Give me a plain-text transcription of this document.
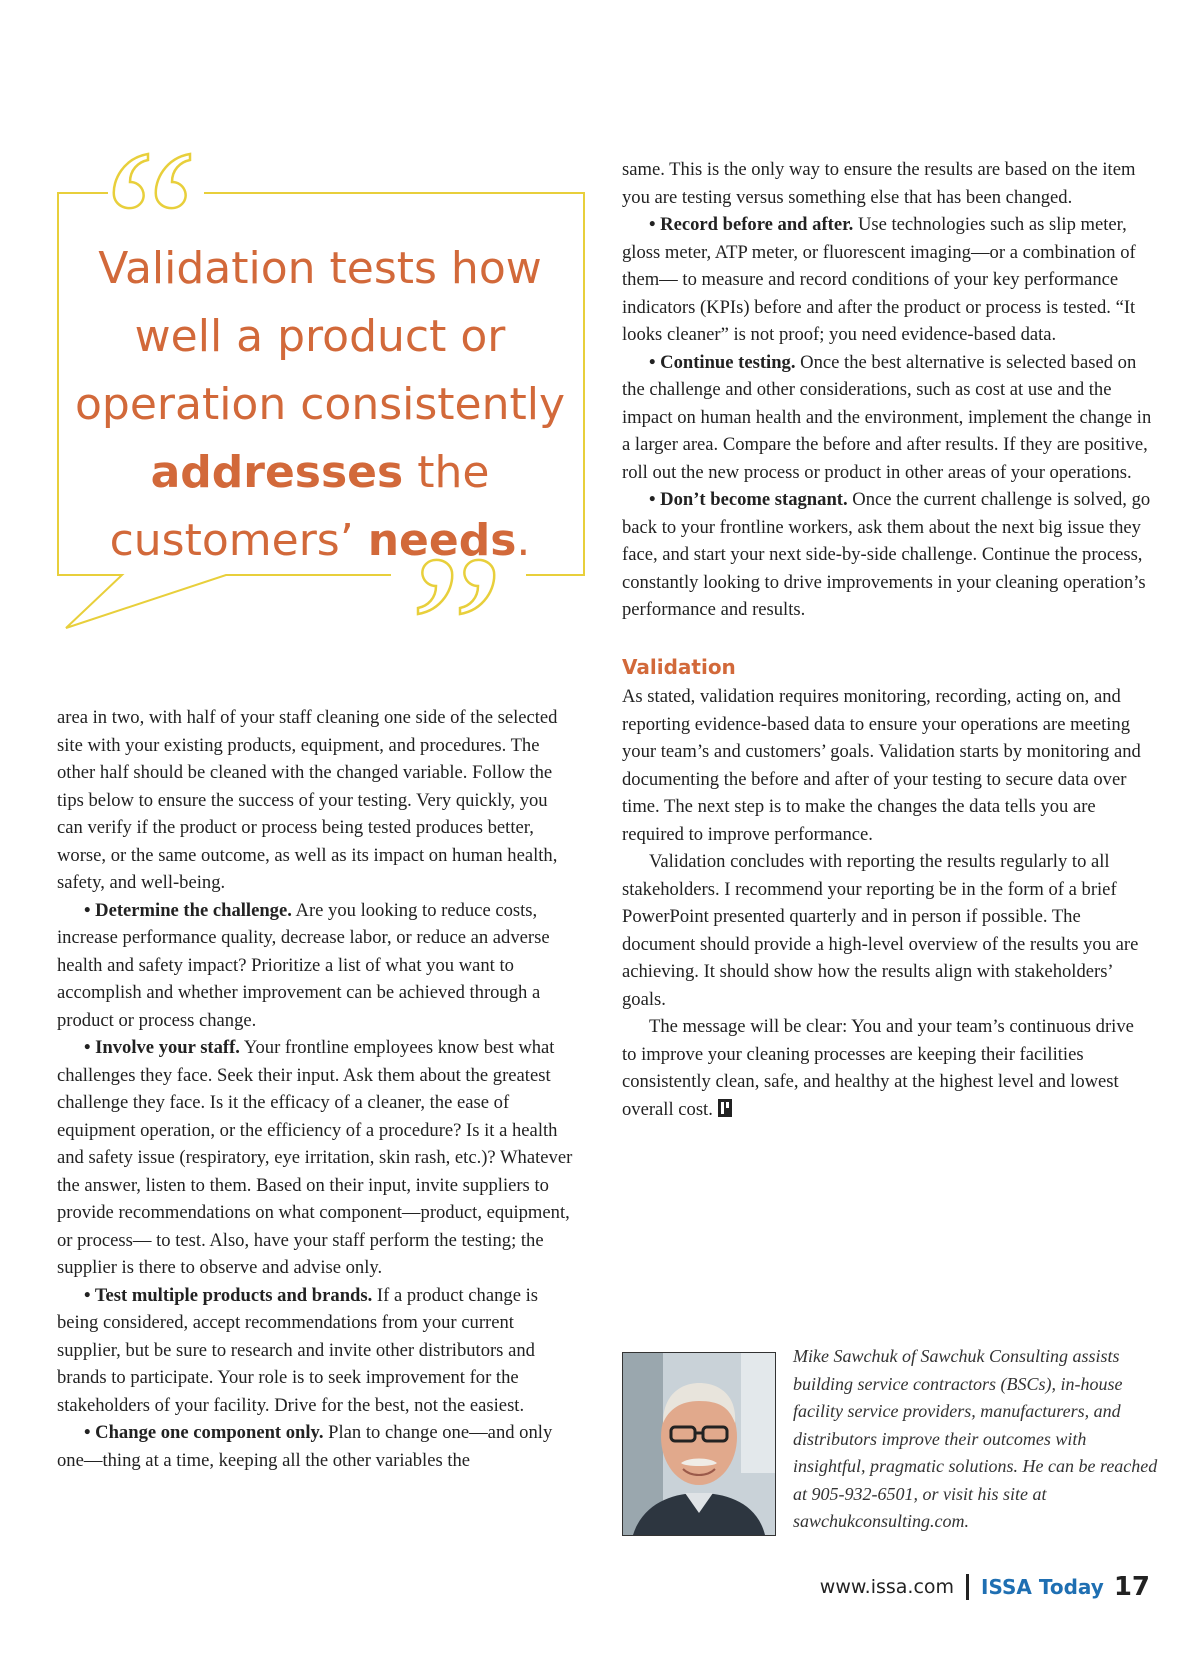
Validation tests how
well a product or
operation consistently
addresses the
customers’ needs.

area in two, with half of your staff cleaning one side of the selected site with your existing products, equipment, and procedures. The other half should be cleaned with the changed variable. Follow the tips below to ensure the success of your testing. Very quickly, you can verify if the product or process being tested produces better, worse, or the same outcome, as well as its impact on human health, safety, and well-being.

• Determine the challenge. Are you looking to reduce costs, increase performance quality, decrease labor, or reduce an adverse health and safety impact? Prioritize a list of what you want to accomplish and whether improvement can be achieved through a product or process change.

• Involve your staff. Your frontline employees know best what challenges they face. Seek their input. Ask them about the greatest challenge they face. Is it the efficacy of a cleaner, the ease of equipment operation, or the efficiency of a procedure? Is it a health and safety issue (respiratory, eye irritation, skin rash, etc.)? Whatever the answer, listen to them. Based on their input, invite suppliers to provide recommendations on what component—product, equipment, or process— to test. Also, have your staff perform the testing; the supplier is there to observe and advise only.

• Test multiple products and brands. If a product change is being considered, accept recommendations from your current supplier, but be sure to research and invite other distributors and brands to participate. Your role is to seek improvement for the stakeholders of your facility. Drive for the best, not the easiest.

• Change one component only. Plan to change one—and only one—thing at a time, keeping all the other variables the

same. This is the only way to ensure the results are based on the item you are testing versus something else that has been changed.

• Record before and after. Use technologies such as slip meter, gloss meter, ATP meter, or fluorescent imaging—or a combination of them— to measure and record conditions of your key performance indicators (KPIs) before and after the product or process is tested. “It looks cleaner” is not proof; you need evidence-based data.

• Continue testing. Once the best alternative is selected based on the challenge and other considerations, such as cost at use and the impact on human health and the environment, implement the change in a larger area. Compare the before and after results. If they are positive, roll out the new process or product in other areas of your operations.

• Don’t become stagnant. Once the current challenge is solved, go back to your frontline workers, ask them about the next big issue they face, and start your next side-by-side challenge. Continue the process, constantly looking to drive improvements in your cleaning operation’s performance and results.

Validation

As stated, validation requires monitoring, recording, acting on, and reporting evidence-based data to ensure your operations are meeting your team’s and customers’ goals. Validation starts by monitoring and documenting the before and after of your testing to secure data over time. The next step is to make the changes the data tells you are required to improve performance.

Validation concludes with reporting the results regularly to all stakeholders. I recommend your reporting be in the form of a brief PowerPoint presented quarterly and in person if possible. The document should provide a high-level overview of the results you are achieving. It should show how the results align with stakeholders’ goals.

The message will be clear: You and your team’s continuous drive to improve your cleaning processes are keeping their facilities consistently clean, safe, and healthy at the highest level and lowest overall cost.

Mike Sawchuk of Sawchuk Consulting assists building service contractors (BSCs), in-house facility service providers, manufacturers, and distributors improve their outcomes with insightful, pragmatic solutions. He can be reached at 905-932-6501, or visit his site at sawchukconsulting.com.
www.issa.com ISSA Today 17
